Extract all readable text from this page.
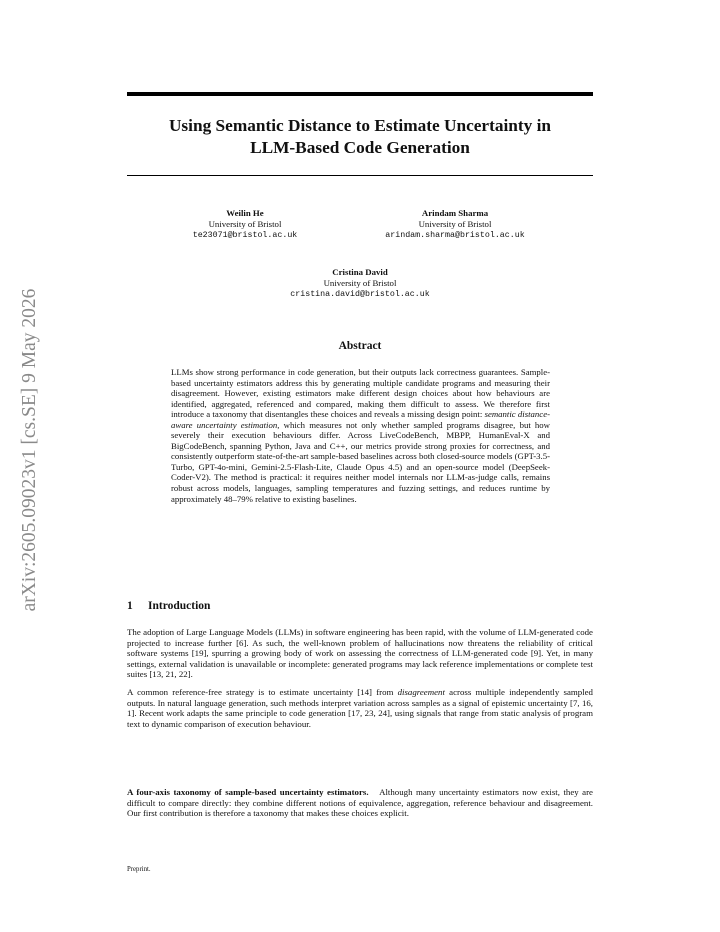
arXiv:2605.09023v1 [cs.SE] 9 May 2026
Using Semantic Distance to Estimate Uncertainty in
LLM-Based Code Generation
Weilin He
University of Bristol
te23071@bristol.ac.uk
Arindam Sharma
University of Bristol
arindam.sharma@bristol.ac.uk
Cristina David
University of Bristol
cristina.david@bristol.ac.uk
Abstract
LLMs show strong performance in code generation, but their outputs lack correctness guarantees. Sample-based uncertainty estimators address this by generating multiple candidate programs and measuring their disagreement. However, existing estimators make different design choices about how behaviours are identified, aggregated, referenced and compared, making them difficult to assess. We therefore first introduce a taxonomy that disentangles these choices and reveals a missing design point: semantic distance-aware uncertainty estimation, which measures not only whether sampled programs disagree, but how severely their execution behaviours differ. Across LiveCodeBench, MBPP, HumanEval-X and BigCodeBench, spanning Python, Java and C++, our metrics provide strong proxies for correctness, and consistently outperform state-of-the-art sample-based baselines across both closed-source models (GPT-3.5-Turbo, GPT-4o-mini, Gemini-2.5-Flash-Lite, Claude Opus 4.5) and an open-source model (DeepSeek-Coder-V2). The method is practical: it requires neither model internals nor LLM-as-judge calls, remains robust across models, languages, sampling temperatures and fuzzing settings, and reduces runtime by approximately 48–79% relative to existing baselines.
1 Introduction
The adoption of Large Language Models (LLMs) in software engineering has been rapid, with the volume of LLM-generated code projected to increase further [6]. As such, the well-known problem of hallucinations now threatens the reliability of critical software systems [19], spurring a growing body of work on assessing the correctness of LLM-generated code [9]. Yet, in many settings, external validation is unavailable or incomplete: generated programs may lack reference implementations or complete test suites [13, 21, 22].
A common reference-free strategy is to estimate uncertainty [14] from disagreement across multiple independently sampled outputs. In natural language generation, such methods interpret variation across samples as a signal of epistemic uncertainty [7, 16, 1]. Recent work adapts the same principle to code generation [17, 23, 24], using signals that range from static analysis of program text to dynamic comparison of execution behaviour.
A four-axis taxonomy of sample-based uncertainty estimators. Although many uncertainty estimators now exist, they are difficult to compare directly: they combine different notions of equivalence, aggregation, reference behaviour and disagreement. Our first contribution is therefore a taxonomy that makes these choices explicit.
Preprint.
